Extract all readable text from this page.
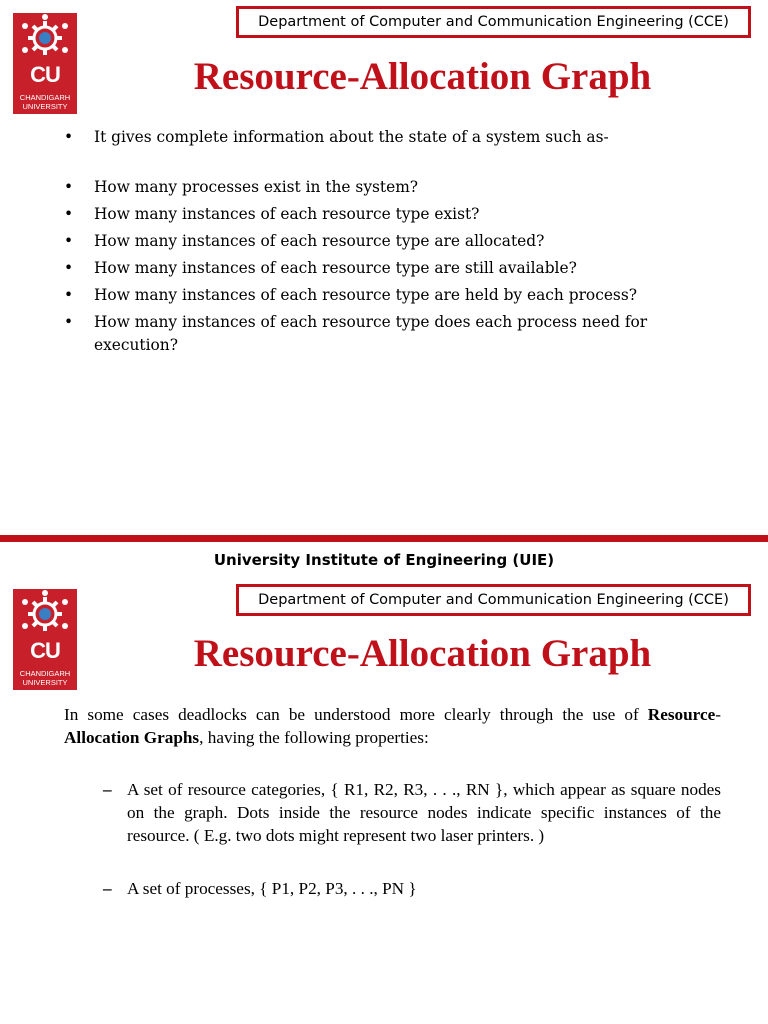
CU
CHANDIGARH
UNIVERSITY
Department of Computer and Communication Engineering (CCE)
Resource-Allocation Graph
• It gives complete information about the state of a system such as-
• How many processes exist in the system?
• How many instances of each resource type exist?
• How many instances of each resource type are allocated?
• How many instances of each resource type are still available?
• How many instances of each resource type are held by each process?
• How many instances of each resource type does each process need for execution?
University Institute of Engineering (UIE)
CU
CHANDIGARH
UNIVERSITY
Department of Computer and Communication Engineering (CCE)
Resource-Allocation Graph

In some cases deadlocks can be understood more clearly through the use of Resource-Allocation Graphs, having the following properties:

– A set of resource categories, { R1, R2, R3, . . ., RN }, which appear as square nodes on the graph. Dots inside the resource nodes indicate specific instances of the resource. ( E.g. two dots might represent two laser printers. )
– A set of processes, { P1, P2, P3, . . ., PN }
